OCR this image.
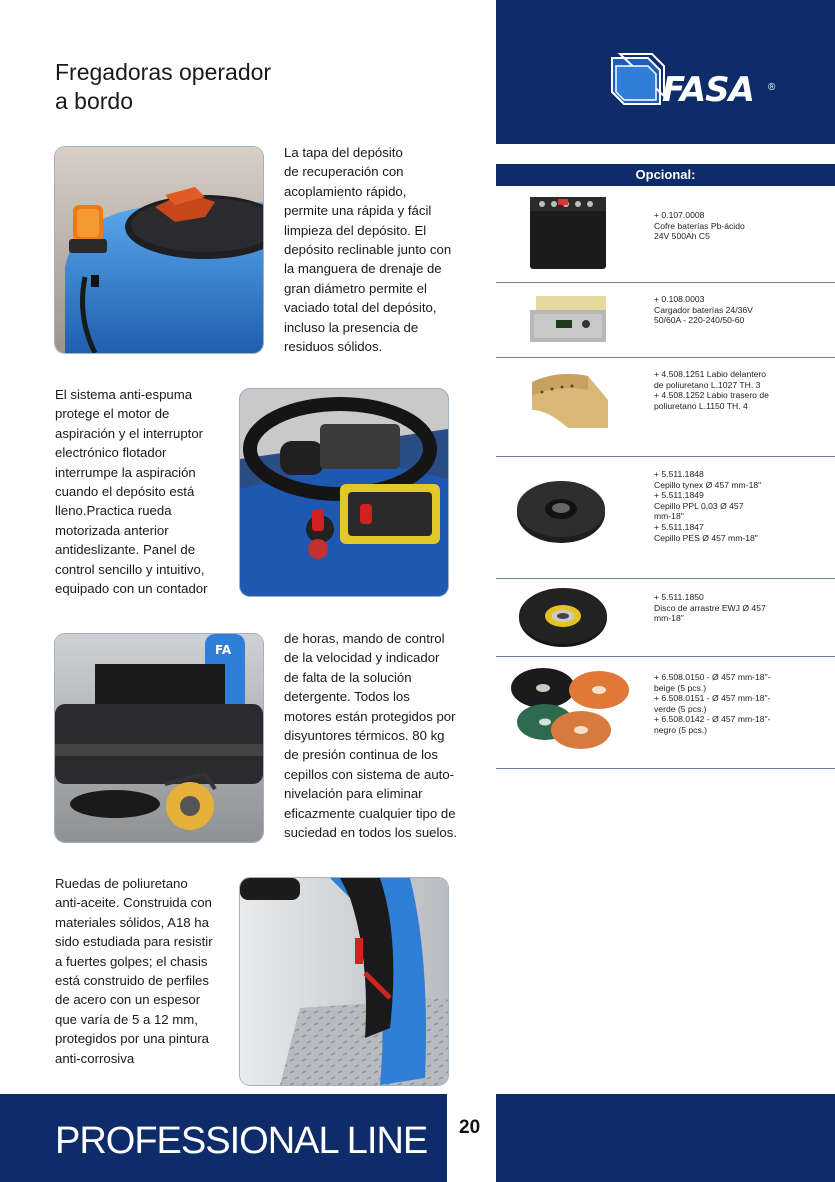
FASA ®
Fregadoras operador
a bordo
La tapa del depósito
de recuperación con
acoplamiento rápido,
permite una rápida y fácil
limpieza del depósito. El
depósito reclinable junto con
la manguera de drenaje de
gran diámetro permite el
vaciado total del depósito,
incluso la presencia de
residuos sólidos.
El sistema anti-espuma
protege el motor de
aspiración y el interruptor
electrónico flotador
interrumpe la aspiración
cuando el depósito está
lleno.Practica rueda
motorizada anterior
antideslizante. Panel de
control sencillo y intuitivo,
equipado con un contador
FA
de horas, mando de control
de la velocidad y indicador
de falta de la solución
detergente. Todos los
motores están protegidos por
disyuntores térmicos. 80 kg
de presión continua de los
cepillos con sistema de auto-
nivelación para eliminar
eficazmente cualquier tipo de
suciedad en todos los suelos.
Ruedas de poliuretano
anti-aceite. Construida con
materiales sólidos, A18 ha
sido estudiada para resistir
a fuertes golpes; el chasis
está construido de perfiles
de acero con un espesor
que varía de 5 a 12 mm,
protegidos por una pintura
anti-corrosiva
Opcional:
+ 0.107.0008
Cofre baterías Pb-ácido
24V 500Ah C5
+ 0.108.0003
Cargador baterías 24/36V
50/60A - 220-240/50-60
+ 4.508.1251 Labio delantero
de poliuretano L.1027 TH. 3
+ 4.508.1252 Labio trasero de
poliuretano L.1150 TH. 4
+ 5.511.1848
Cepillo tynex Ø 457 mm-18"
+ 5.511.1849
Cepillo PPL 0,03 Ø 457
mm-18"
+ 5.511.1847
Cepillo PES Ø 457 mm-18"
+ 5.511.1850
Disco de arrastre EWJ Ø 457
mm-18"
+ 6.508.0150 - Ø 457 mm-18"-
beige (5 pcs.)
+ 6.508.0151 - Ø 457 mm-18"-
verde (5 pcs.)
+ 6.508.0142 - Ø 457 mm-18"-
negro (5 pcs.)
PROFESSIONAL LINE 20
